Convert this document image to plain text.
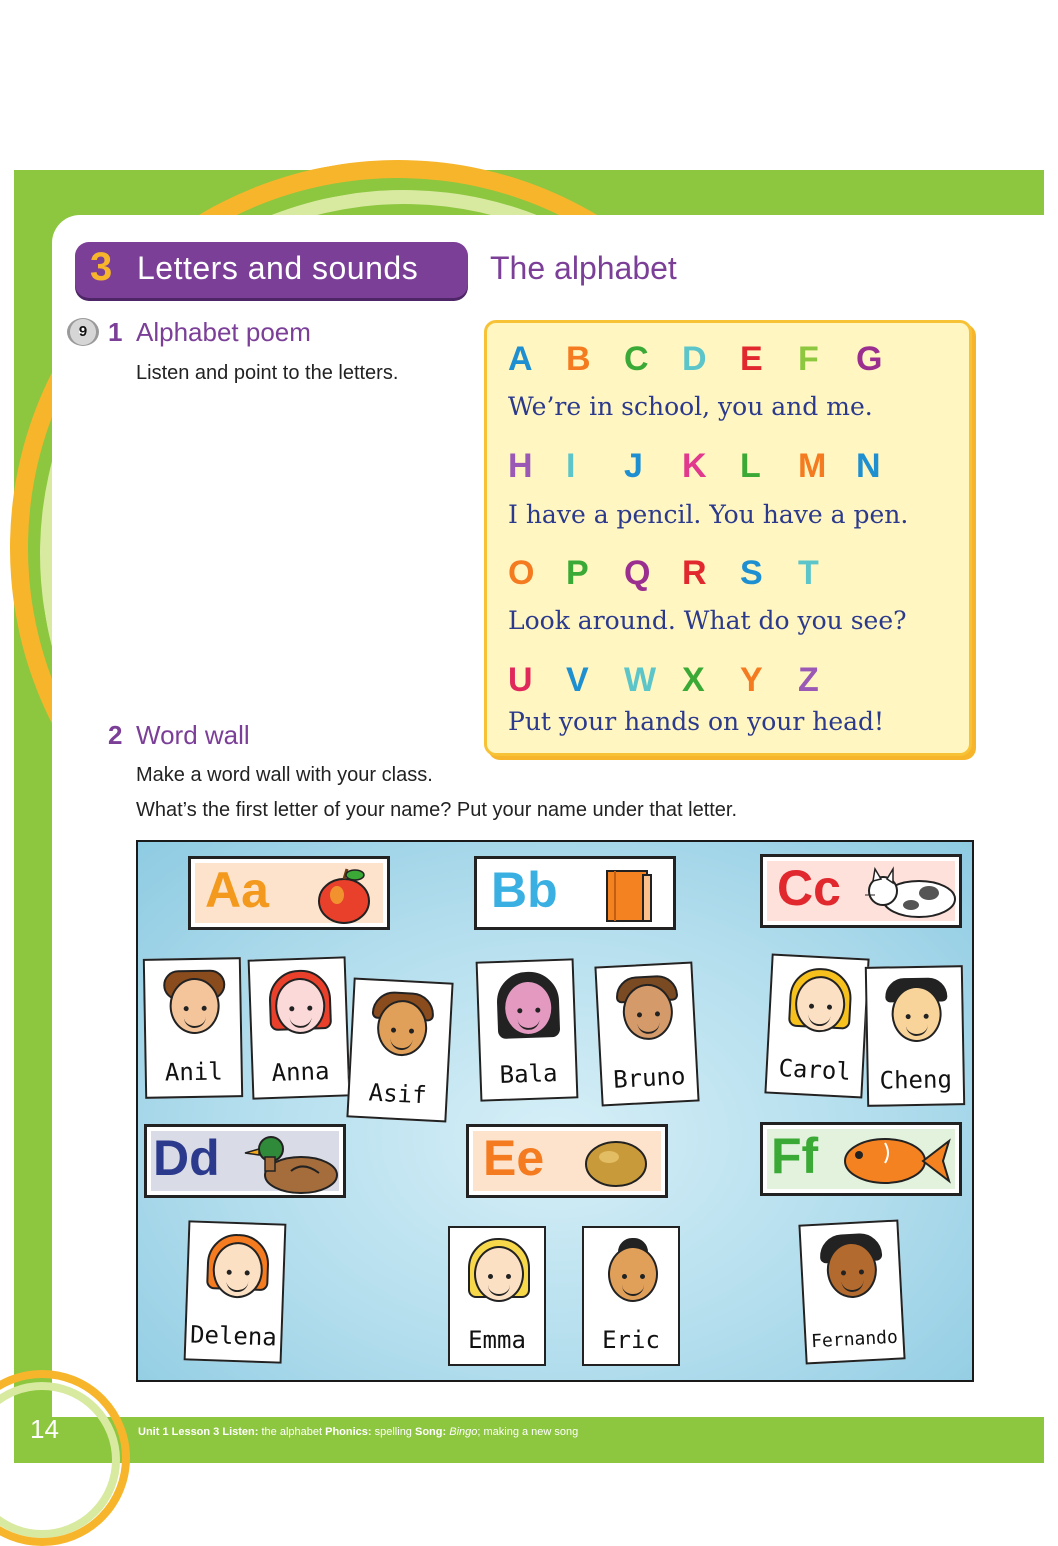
3 Letters and sounds The alphabet
9 1 Alphabet poem
Listen and point to the letters.	A B C D E	F	G
We’re in school, you and me.
H I	J	K L	M N
I have a pencil. You have a pen.
O P	Q R S	T
Look around. What do you see?
U V	W X	Y	Z
Put your hands on your head!
2 Word wall
Make a word wall with your class.
What’s the first letter of your name? Put your name under that letter.
Aa	Bb	Cc
Dd	Ee	Ff
Anil	Anna
Asif
Bala	Bruno	Carol	Cheng
Delena	Emma	Eric	Fernando
14	Unit 1 Lesson 3 Listen: the alphabet Phonics: spelling Song: Bingo; making a new song
